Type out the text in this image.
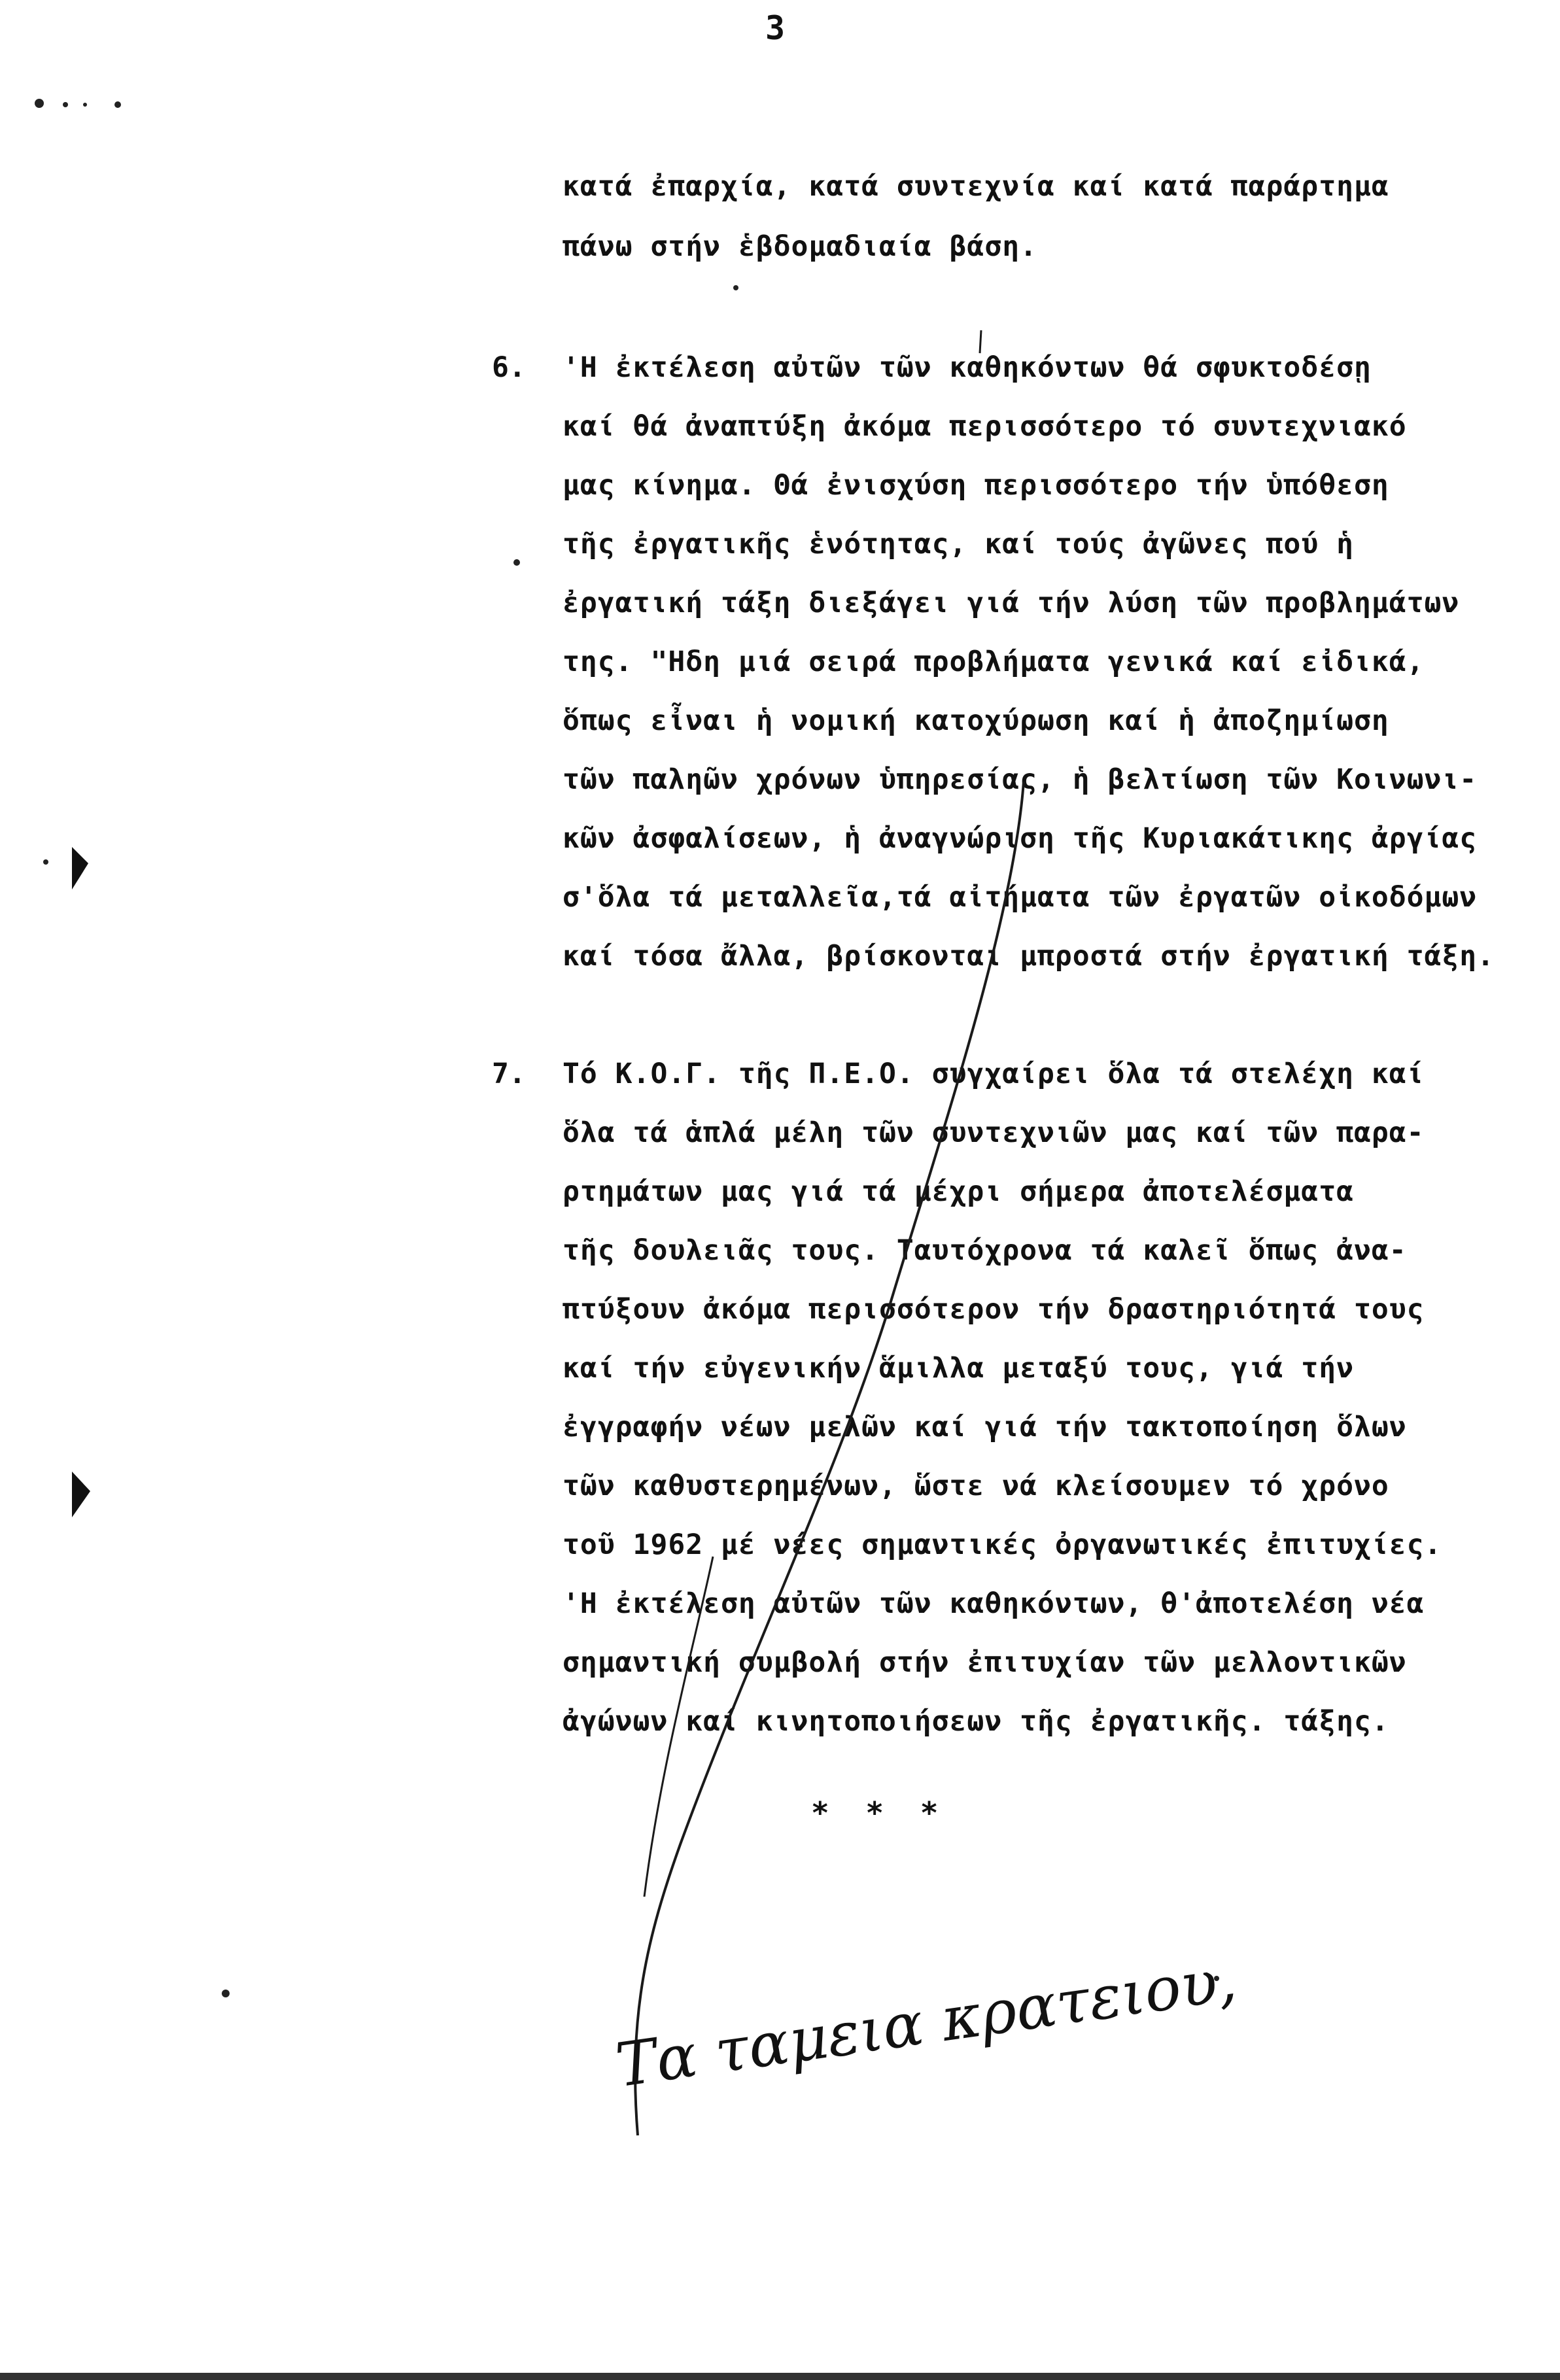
3
κατά ἐπαρχία, κατά συντεχνία καί κατά παράρτημα
πάνω στήν ἑβδομαδιαία βάση.
6. 'Η ἐκτέλεση αὐτῶν τῶν καθηκόντων θά σφυκτοδέσῃ
καί θά ἀναπτύξη ἀκόμα περισσότερο τό συντεχνιακό
μας κίνημα. Θά ἐνισχύση περισσότερο τήν ὑπόθεση
τῆς ἐργατικῆς ἑνότητας, καί τούς ἀγῶνες πού ἡ
ἐργατική τάξη διεξάγει γιά τήν λύση τῶν προβλημάτων
της. "Ηδη μιά σειρά προβλήματα γενικά καί εἰδικά,
ὅπως εἶναι ἡ νομική κατοχύρωση καί ἡ ἀποζημίωση
τῶν παληῶν χρόνων ὑπηρεσίας, ἡ βελτίωση τῶν Κοινωνι-
κῶν ἀσφαλίσεων, ἡ ἀναγνώριση τῆς Κυριακάτικης ἀργίας
σ'ὅλα τά μεταλλεῖα,τά αἰτήματα τῶν ἐργατῶν οἰκοδόμων
καί τόσα ἄλλα, βρίσκονται μπροστά στήν ἐργατική τάξη.
7. Τό Κ.Ο.Γ. τῆς Π.Ε.Ο. συγχαίρει ὅλα τά στελέχη καί
ὅλα τά ἁπλά μέλη τῶν συντεχνιῶν μας καί τῶν παρα-
ρτημάτων μας γιά τά μέχρι σήμερα ἀποτελέσματα
τῆς δουλειᾶς τους. Ταυτόχρονα τά καλεῖ ὅπως ἀνα-
πτύξουν ἀκόμα περισσότερον τήν δραστηριότητά τους
καί τήν εὐγενικήν ἅμιλλα μεταξύ τους, γιά τήν
ἐγγραφήν νέων μελῶν καί γιά τήν τακτοποίηση ὅλων
τῶν καθυστερημένων, ὥστε νά κλείσουμεν τό χρόνο
τοῦ 1962 μέ νέες σημαντικές ὀργανωτικές ἐπιτυχίες.
'Η ἐκτέλεση αὐτῶν τῶν καθηκόντων, θ'ἀποτελέση νέα
σημαντική συμβολή στήν ἐπιτυχίαν τῶν μελλοντικῶν
ἀγώνων καί κινητοποιήσεων τῆς ἐργατικῆς. τάξης.
* * *
Τα ταμεια κρατειου,
